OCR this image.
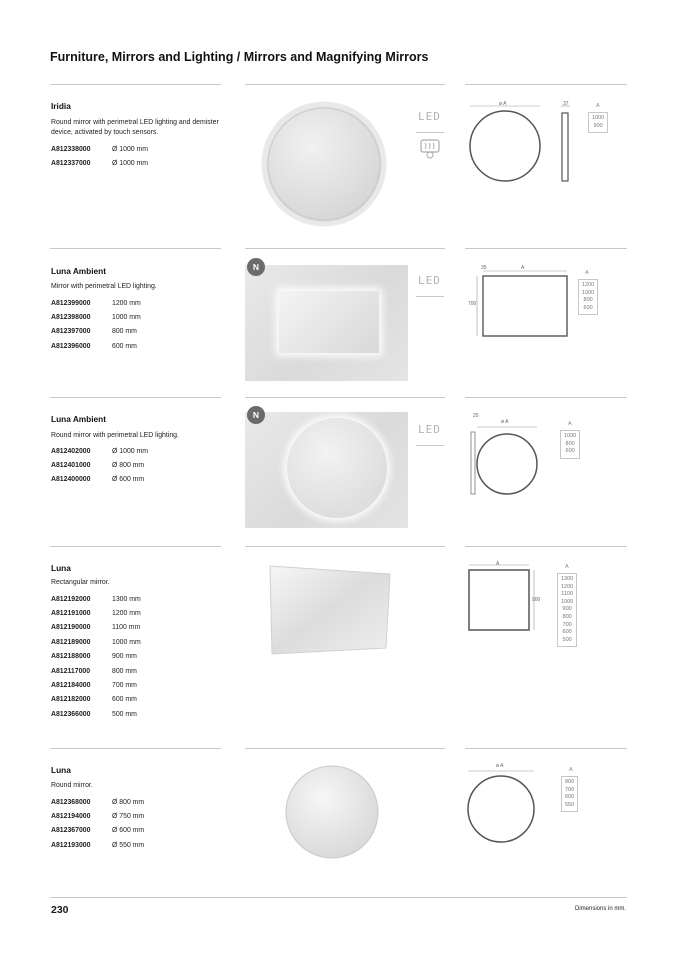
Furniture, Mirrors and Lighting / Mirrors and Magnifying Mirrors
Iridia
Round mirror with perimetral LED lighting and demister device, activated by touch sensors.
A812338000	Ø 1000 mm
A812337000	Ø 1000 mm
LED
ø A	37	A
1000
900
Luna Ambient
Mirror with perimetral LED lighting.
A812399000	1200 mm
A812398000	1000 mm
A812397000	800 mm
A812396000	600 mm
N
LED
35	A
700
A
1200
1000
800
600
Luna Ambient
Round mirror with perimetral LED lighting.
A812402000	Ø 1000 mm
A812401000	Ø 800 mm
A812400000	Ø 600 mm
N
LED
25
ø A	A
1000
800
600
Luna
Rectangular mirror.
A812192000	1300 mm
A812191000	1200 mm
A812190000	1100 mm
A812189000	1000 mm
A812188000	900 mm
A812117000	800 mm
A812184000	700 mm
A812182000	600 mm
A812366000	500 mm
A
900
A
1300
1200
1100
1000
900
800
700
600
500
Luna
Round mirror.
A812368000	Ø 800 mm
A812194000	Ø 750 mm
A812367000	Ø 600 mm
A812193000	Ø 550 mm
ø A
A
800
700
600
550
230	Dimensions in mm.
